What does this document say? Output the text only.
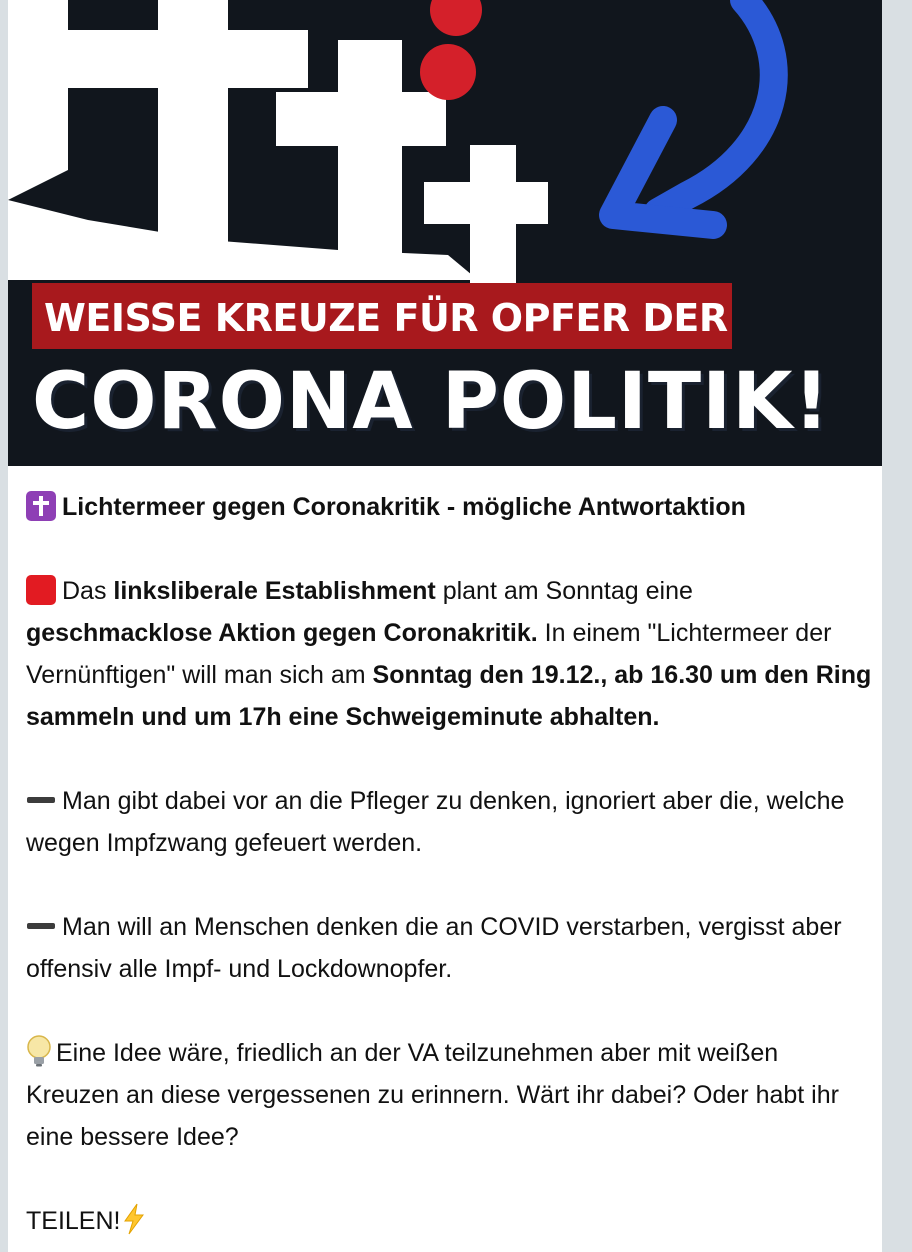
WEISSE KREUZE FÜR OPFER DER
CORONA POLITIK!

Lichtermeer gegen Coronakritik - mögliche Antwortaktion

Das linksliberale Establishment plant am Sonntag eine geschmacklose Aktion gegen Coronakritik. In einem "Lichtermeer der Vernünftigen" will man sich am Sonntag den 19.12., ab 16.30 um den Ring sammeln und um 17h eine Schweigeminute abhalten.

Man gibt dabei vor an die Pfleger zu denken, ignoriert aber die, welche wegen Impfzwang gefeuert werden.

Man will an Menschen denken die an COVID verstarben, vergisst aber offensiv alle Impf- und Lockdownopfer.

Eine Idee wäre, friedlich an der VA teilzunehmen aber mit weißen Kreuzen an diese vergessenen zu erinnern. Wärt ihr dabei? Oder habt ihr eine bessere Idee?

TEILEN!
